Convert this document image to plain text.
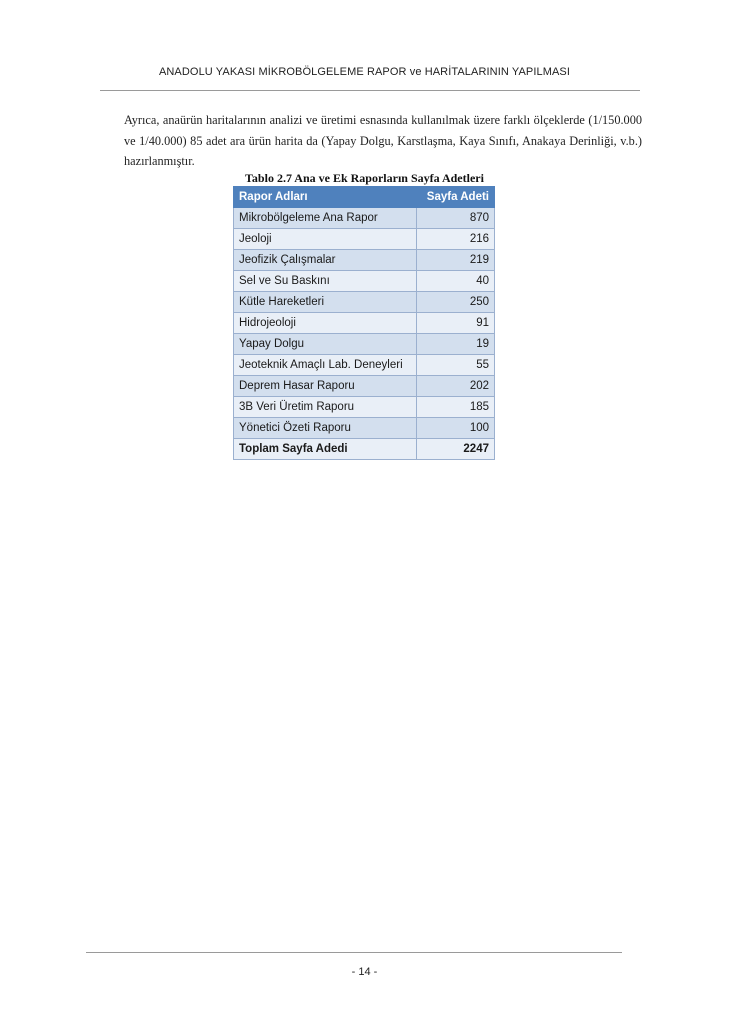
ANADOLU YAKASI MİKROBÖLGELEME RAPOR ve HARİTALARININ YAPILMASI

Ayrıca, anaürün haritalarının analizi ve üretimi esnasında kullanılmak üzere farklı ölçeklerde (1/150.000 ve 1/40.000) 85 adet ara ürün harita da (Yapay Dolgu, Karstlaşma, Kaya Sınıfı, Anakaya Derinliği, v.b.) hazırlanmıştır.

Tablo 2.7 Ana ve Ek Raporların Sayfa Adetleri
Rapor Adları	Sayfa Adeti
Mikrobölgeleme Ana Rapor	870
Jeoloji	216
Jeofizik Çalışmalar	219
Sel ve Su Baskını	40
Kütle Hareketleri	250
Hidrojeoloji	91
Yapay Dolgu	19
Jeoteknik Amaçlı Lab. Deneyleri	55
Deprem Hasar Raporu	202
3B Veri Üretim Raporu	185
Yönetici Özeti Raporu	100
Toplam Sayfa Adedi	2247
- 14 -
